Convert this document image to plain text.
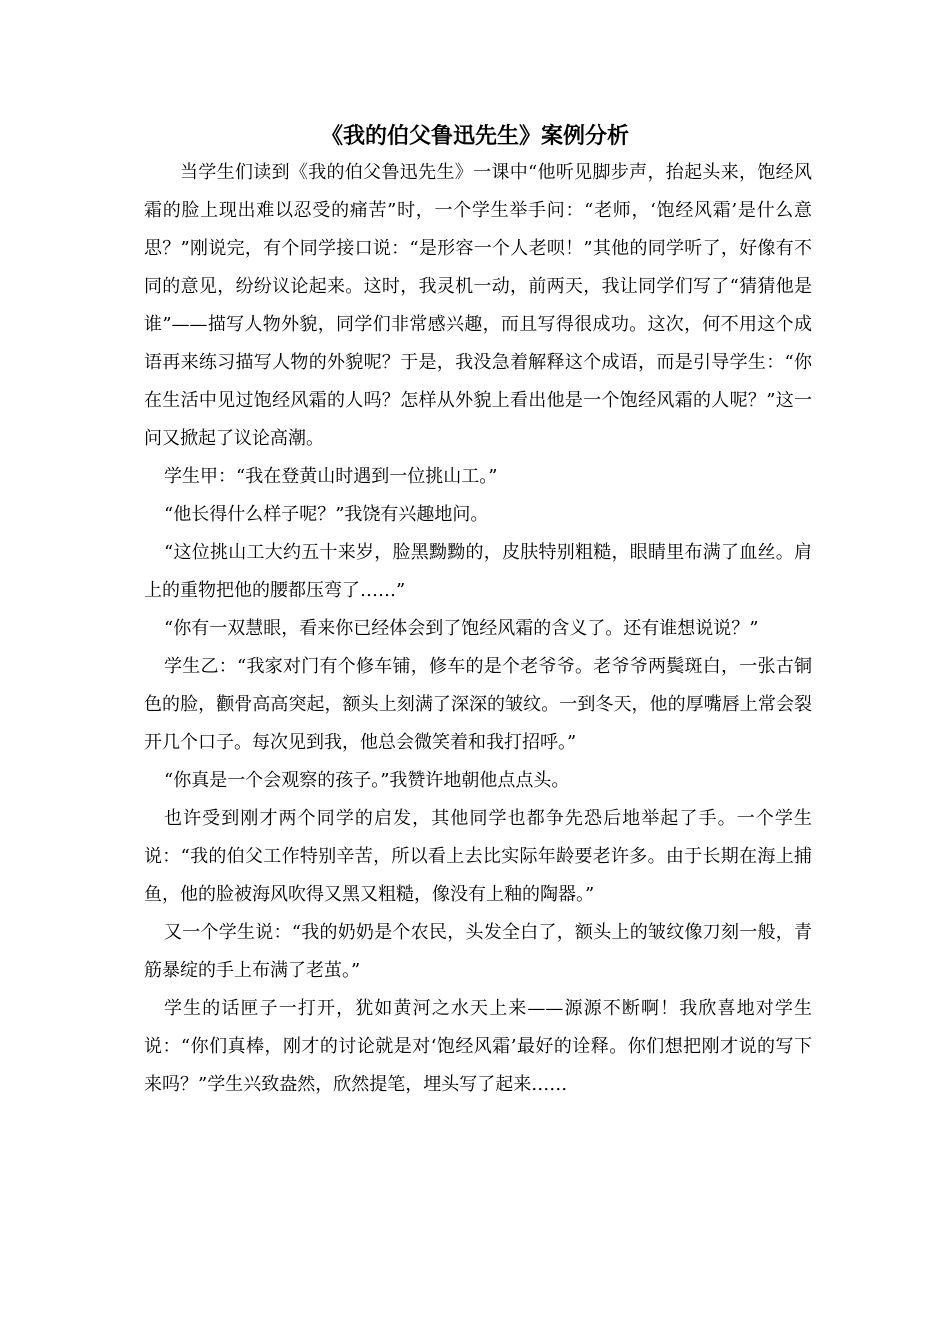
《我的伯父鲁迅先生》案例分析

当学生们读到《我的伯父鲁迅先生》一课中“他听见脚步声，抬起头来，饱经风霜的脸上现出难以忍受的痛苦”时，一个学生举手问：“老师，‘饱经风霜’是什么意思？”刚说完，有个同学接口说：“是形容一个人老呗！”其他的同学听了，好像有不同的意见，纷纷议论起来。这时，我灵机一动，前两天，我让同学们写了“猜猜他是谁”——描写人物外貌，同学们非常感兴趣，而且写得很成功。这次，何不用这个成语再来练习描写人物的外貌呢？于是，我没急着解释这个成语，而是引导学生：“你在生活中见过饱经风霜的人吗？怎样从外貌上看出他是一个饱经风霜的人呢？”这一问又掀起了议论高潮。

学生甲：“我在登黄山时遇到一位挑山工。”

“他长得什么样子呢？”我饶有兴趣地问。

“这位挑山工大约五十来岁，脸黑黝黝的，皮肤特别粗糙，眼睛里布满了血丝。肩上的重物把他的腰都压弯了……”

“你有一双慧眼，看来你已经体会到了饱经风霜的含义了。还有谁想说说？”

学生乙：“我家对门有个修车铺，修车的是个老爷爷。老爷爷两鬓斑白，一张古铜色的脸，颧骨高高突起，额头上刻满了深深的皱纹。一到冬天，他的厚嘴唇上常会裂开几个口子。每次见到我，他总会微笑着和我打招呼。”

“你真是一个会观察的孩子。”我赞许地朝他点点头。

也许受到刚才两个同学的启发，其他同学也都争先恐后地举起了手。一个学生说：“我的伯父工作特别辛苦，所以看上去比实际年龄要老许多。由于长期在海上捕鱼，他的脸被海风吹得又黑又粗糙，像没有上釉的陶器。”

又一个学生说：“我的奶奶是个农民，头发全白了，额头上的皱纹像刀刻一般，青筋暴绽的手上布满了老茧。”

学生的话匣子一打开，犹如黄河之水天上来——源源不断啊！我欣喜地对学生说：“你们真棒，刚才的讨论就是对‘饱经风霜’最好的诠释。你们想把刚才说的写下来吗？”学生兴致盎然，欣然提笔，埋头写了起来……
